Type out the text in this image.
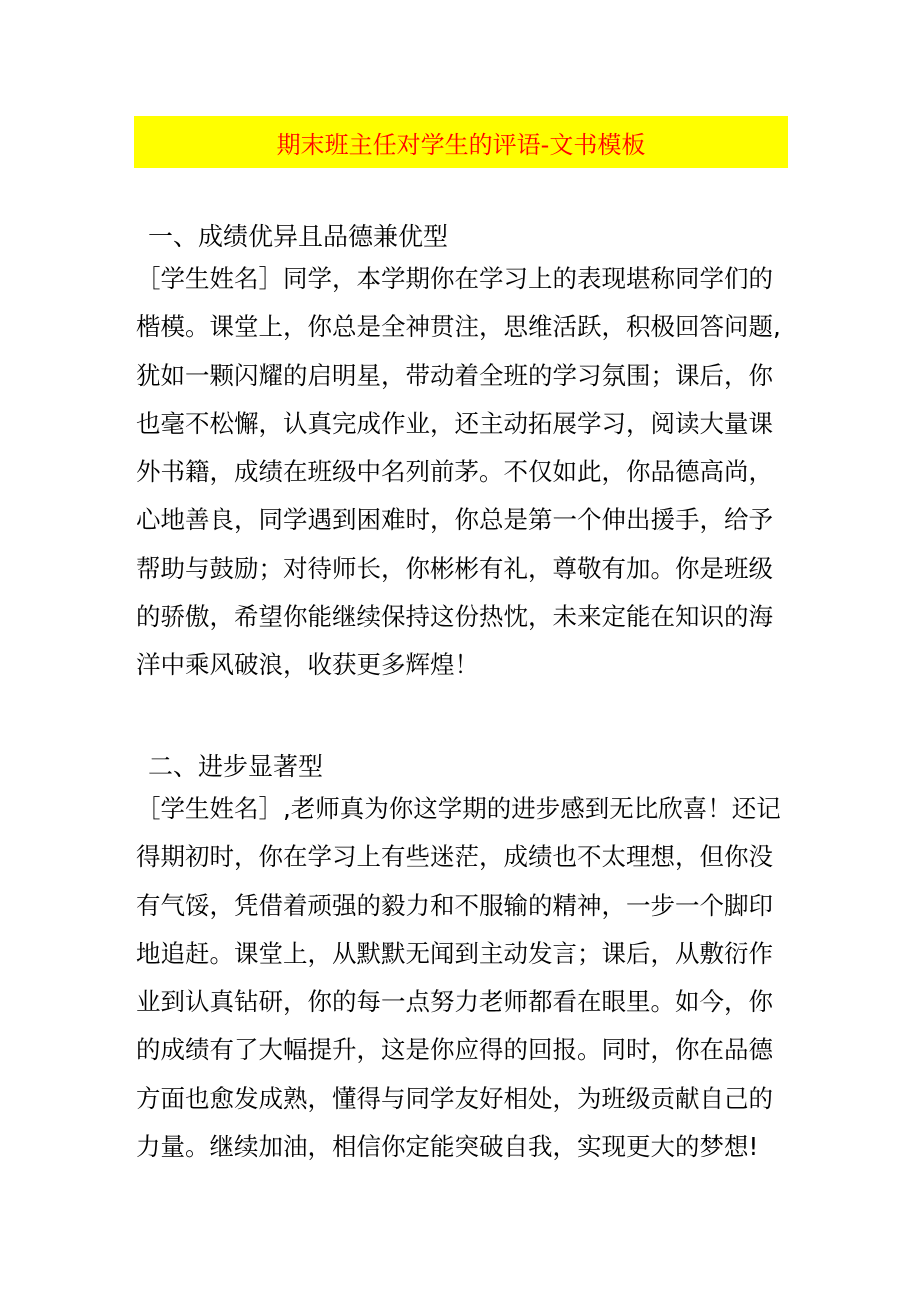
期末班主任对学生的评语-文书模板
一、成绩优异且品德兼优型

［学生姓名］同学，本学期你在学习上的表现堪称同学们的
楷模。课堂上，你总是全神贯注，思维活跃，积极回答问题,
犹如一颗闪耀的启明星，带动着全班的学习氛围；课后，你
也毫不松懈，认真完成作业，还主动拓展学习，阅读大量课
外书籍，成绩在班级中名列前茅。不仅如此，你品德高尚，
心地善良，同学遇到困难时，你总是第一个伸出援手，给予
帮助与鼓励；对待师长，你彬彬有礼，尊敬有加。你是班级
的骄傲，希望你能继续保持这份热忱，未来定能在知识的海
洋中乘风破浪，收获更多辉煌！

二、进步显著型

［学生姓名］,老师真为你这学期的进步感到无比欣喜！还记
得期初时，你在学习上有些迷茫，成绩也不太理想，但你没
有气馁，凭借着顽强的毅力和不服输的精神，一步一个脚印
地追赶。课堂上，从默默无闻到主动发言；课后，从敷衍作
业到认真钻研，你的每一点努力老师都看在眼里。如今，你
的成绩有了大幅提升，这是你应得的回报。同时，你在品德
方面也愈发成熟，懂得与同学友好相处，为班级贡献自己的
力量。继续加油，相信你定能突破自我，实现更大的梦想!
